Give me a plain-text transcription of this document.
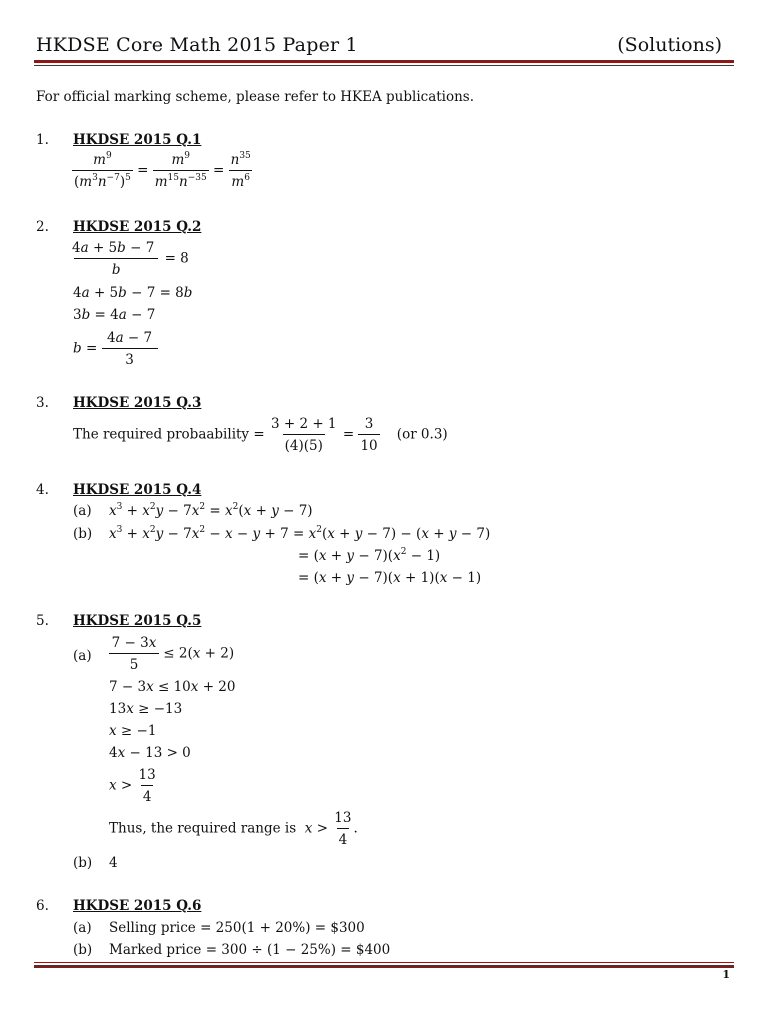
HKDSE Core Math 2015 Paper 1	(Solutions)
For official marking scheme, please refer to HKEA publications.
1. HKDSE 2015 Q.1
$\frac{m^9}{(m^3n^{-7})^5} = \frac{m^9}{m^{15}n^{-35}} = \frac{n^{35}}{m^6}$
2. HKDSE 2015 Q.2
$\frac{4a + 5b - 7}{b} = 8$
4a + 5b − 7 = 8b
3b = 4a − 7
$b = \frac{4a - 7}{3}$
3. HKDSE 2015 Q.3
The required probaability = $\frac{3 + 2 + 1}{(4)(5)} = \frac{3}{10} (or$ 0.3)
4. HKDSE 2015 Q.4
(a) $x^3 + x^2y - 7x^2 = x^2(x + y - 7)$
(b) $x^3 + x^2y - 7x^2 - x - y + 7 = x^2(x + y - 7) - (x + y - 7)$
= $(x + y - 7)(x^2 - 1)$
= (x + y − 7)(x + 1)(x − 1)
5. HKDSE 2015 Q.5
$(a) \frac{7 - 3x}{5} \le 2(x + 2)$
7 − 3x ≤ 10x + 20
13x ≥ −13
x ≥ −1
4x − 13 > 0
$x > \frac{13}{4}$
Thus, the required range is $x > \frac{13}{4}$ .
(b) 4
6. HKDSE 2015 Q.6
(a) Selling price = 250(1 + 20%) = $300
(b) Marked price = 300 ÷ (1 − 25%) = $400
1
